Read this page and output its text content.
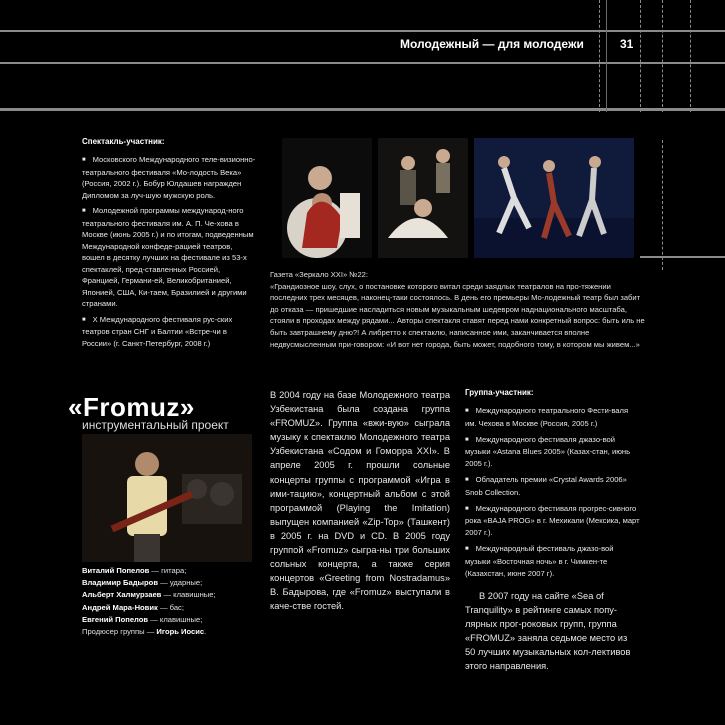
Молодежный — для молодежи	31
Спектакль-участник:

■ Московского Международного теле-визионно-театрального фестиваля «Мо-лодость Века» (Россия, 2002 г.). Бобур Юлдашев награжден Дипломом за луч-шую мужскую роль.

■ Молодежной программы международ-ного театрального фестиваля им. А. П. Че-хова в Москве (июнь 2005 г.) и по итогам, подведенным Международной конфеде-рацией театров, вошел в десятку лучших на фестивале из 53-х спектаклей, пред-ставленных Россией, Францией, Германи-ей, Великобританией, Японией, США, Ки-таем, Бразилией и другими странами.

■ X Международного фестиваля рус-ских театров стран СНГ и Балтии «Встре-чи в России» (г. Санкт-Петербург, 2008 г.)

Газета «Зеркало XXI» №22:
«Грандиозное шоу, слух, о постановке которого витал среди заядлых театралов на про-тяжении последних трех месяцев, наконец-таки состоялось. В день его премьеры Мо-лодежный театр был забит до отказа — пришедшие насладиться новым музыкальным шедевром наднационального масштаба, стояли в проходах между рядами... Авторы спектакля ставят перед нами конкретный вопрос: быть иль не быть завтрашнему дню?! А либретто к спектаклю, написанное ими, заканчивается вполне недвусмысленным при-говором: «И вот нет города, быть может, подобного тому, в котором мы живем...»
«Fromuz»
инструментальный проект
Виталий Попелов — гитара;
Владимир Бадыров — ударные;
Альберт Халмурзаев — клавишные;
Андрей Мара-Новик — бас;
Евгений Попелов — клавишные;
Продюсер группы — Игорь Иосис.
В 2004 году на базе Молодежного театра Узбекистана была создана группа «FROMUZ». Группа «вжи-вую» сыграла музыку к спектаклю Молодежного театра Узбекистана «Содом и Гоморра XXI». В апреле 2005 г. прошли сольные концерты группы с программой «Игра в ими-тацию», концертный альбом с этой программой (Playing the Imitation) выпущен компанией «Zip-Top» (Ташкент) в 2005 г. на DVD и CD. В 2005 году группой «Fromuz» сыгра-ны три больших сольных концерта, а также серия концертов «Greeting from Nostradamus» В. Бадырова, где «Fromuz» выступали в каче-стве гостей.
Группа-участник:

■ Международного театрального Фести-валя им. Чехова в Москве (Россия, 2005 г.)

■ Международного фестиваля джазо-вой музыки «Astana Blues 2005» (Казах-стан, июнь 2005 г.).

■ Обладатель премии «Crystal Awards 2006» Snob Collection.

■ Международного фестиваля прогрес-сивного рока «BAJA PROG» в г. Мехикали (Мексика, март 2007 г.).

■ Международный фестиваль джазо-вой музыки «Восточная ночь» в г. Чимкен-те (Казахстан, июне 2007 г).

В 2007 году на сайте «Sea of Tranquility» в рейтинге самых попу-лярных прог-роковых групп, группа «FROMUZ» заняла седьмое место из 50 лучших музыкальных кол-лективов этого направления.
